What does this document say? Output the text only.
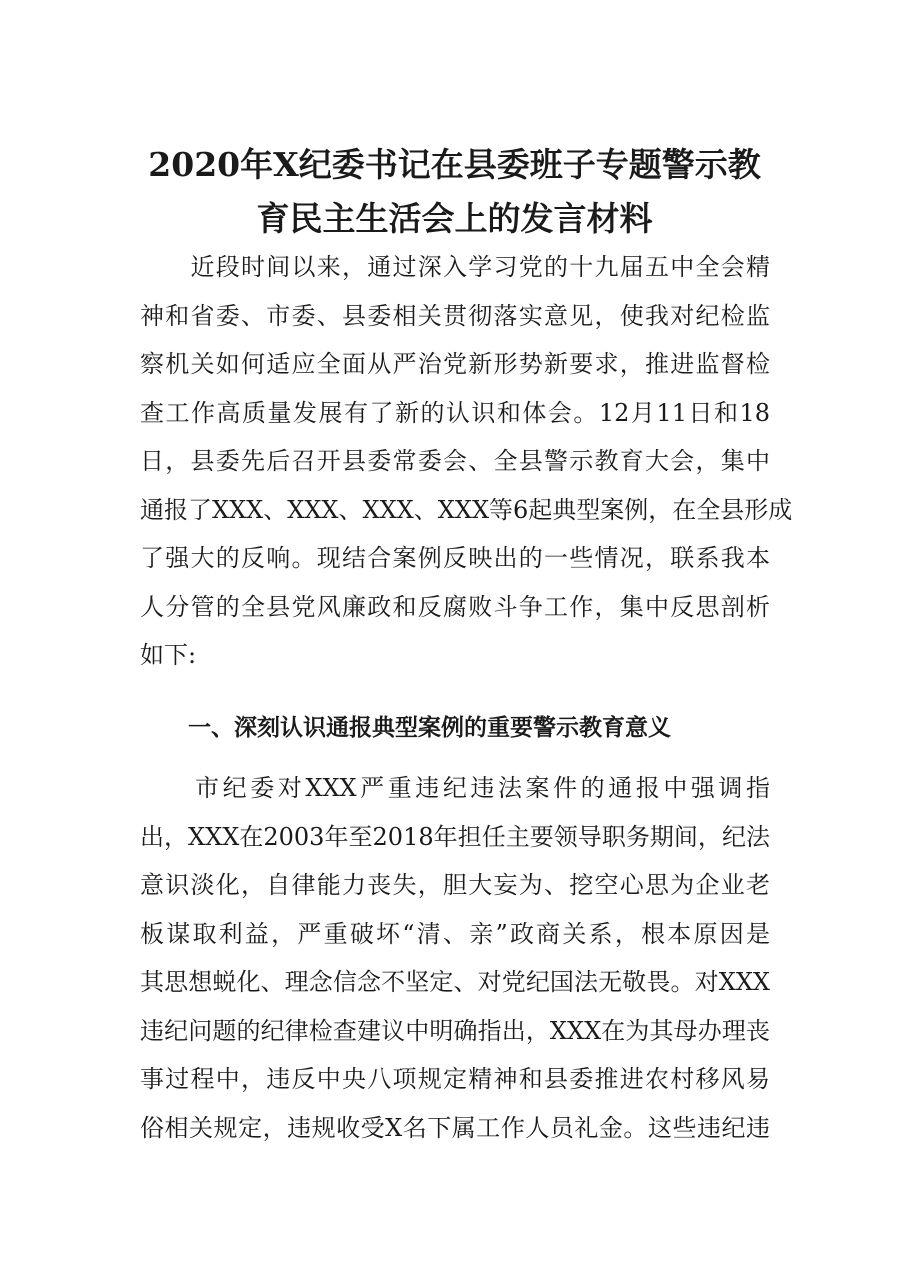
2020年X纪委书记在县委班子专题警示教
育民主生活会上的发言材料
　　近段时间以来，通过深入学习党的十九届五中全会精
神和省委、市委、县委相关贯彻落实意见，使我对纪检监
察机关如何适应全面从严治党新形势新要求，推进监督检
查工作高质量发展有了新的认识和体会。12月11日和18
日，县委先后召开县委常委会、全县警示教育大会，集中
通报了XXX、XXX、XXX、XXX等6起典型案例，在全县形成
了强大的反响。现结合案例反映出的一些情况，联系我本
人分管的全县党风廉政和反腐败斗争工作，集中反思剖析
如下:
一、深刻认识通报典型案例的重要警示教育意义
　　市纪委对XXX严重违纪违法案件的通报中强调指
出，XXX在2003年至2018年担任主要领导职务期间，纪法
意识淡化，自律能力丧失，胆大妄为、挖空心思为企业老
板谋取利益，严重破坏“清、亲”政商关系，根本原因是
其思想蜕化、理念信念不坚定、对党纪国法无敬畏。对XXX
违纪问题的纪律检查建议中明确指出，XXX在为其母办理丧
事过程中，违反中央八项规定精神和县委推进农村移风易
俗相关规定，违规收受X名下属工作人员礼金。这些违纪违
